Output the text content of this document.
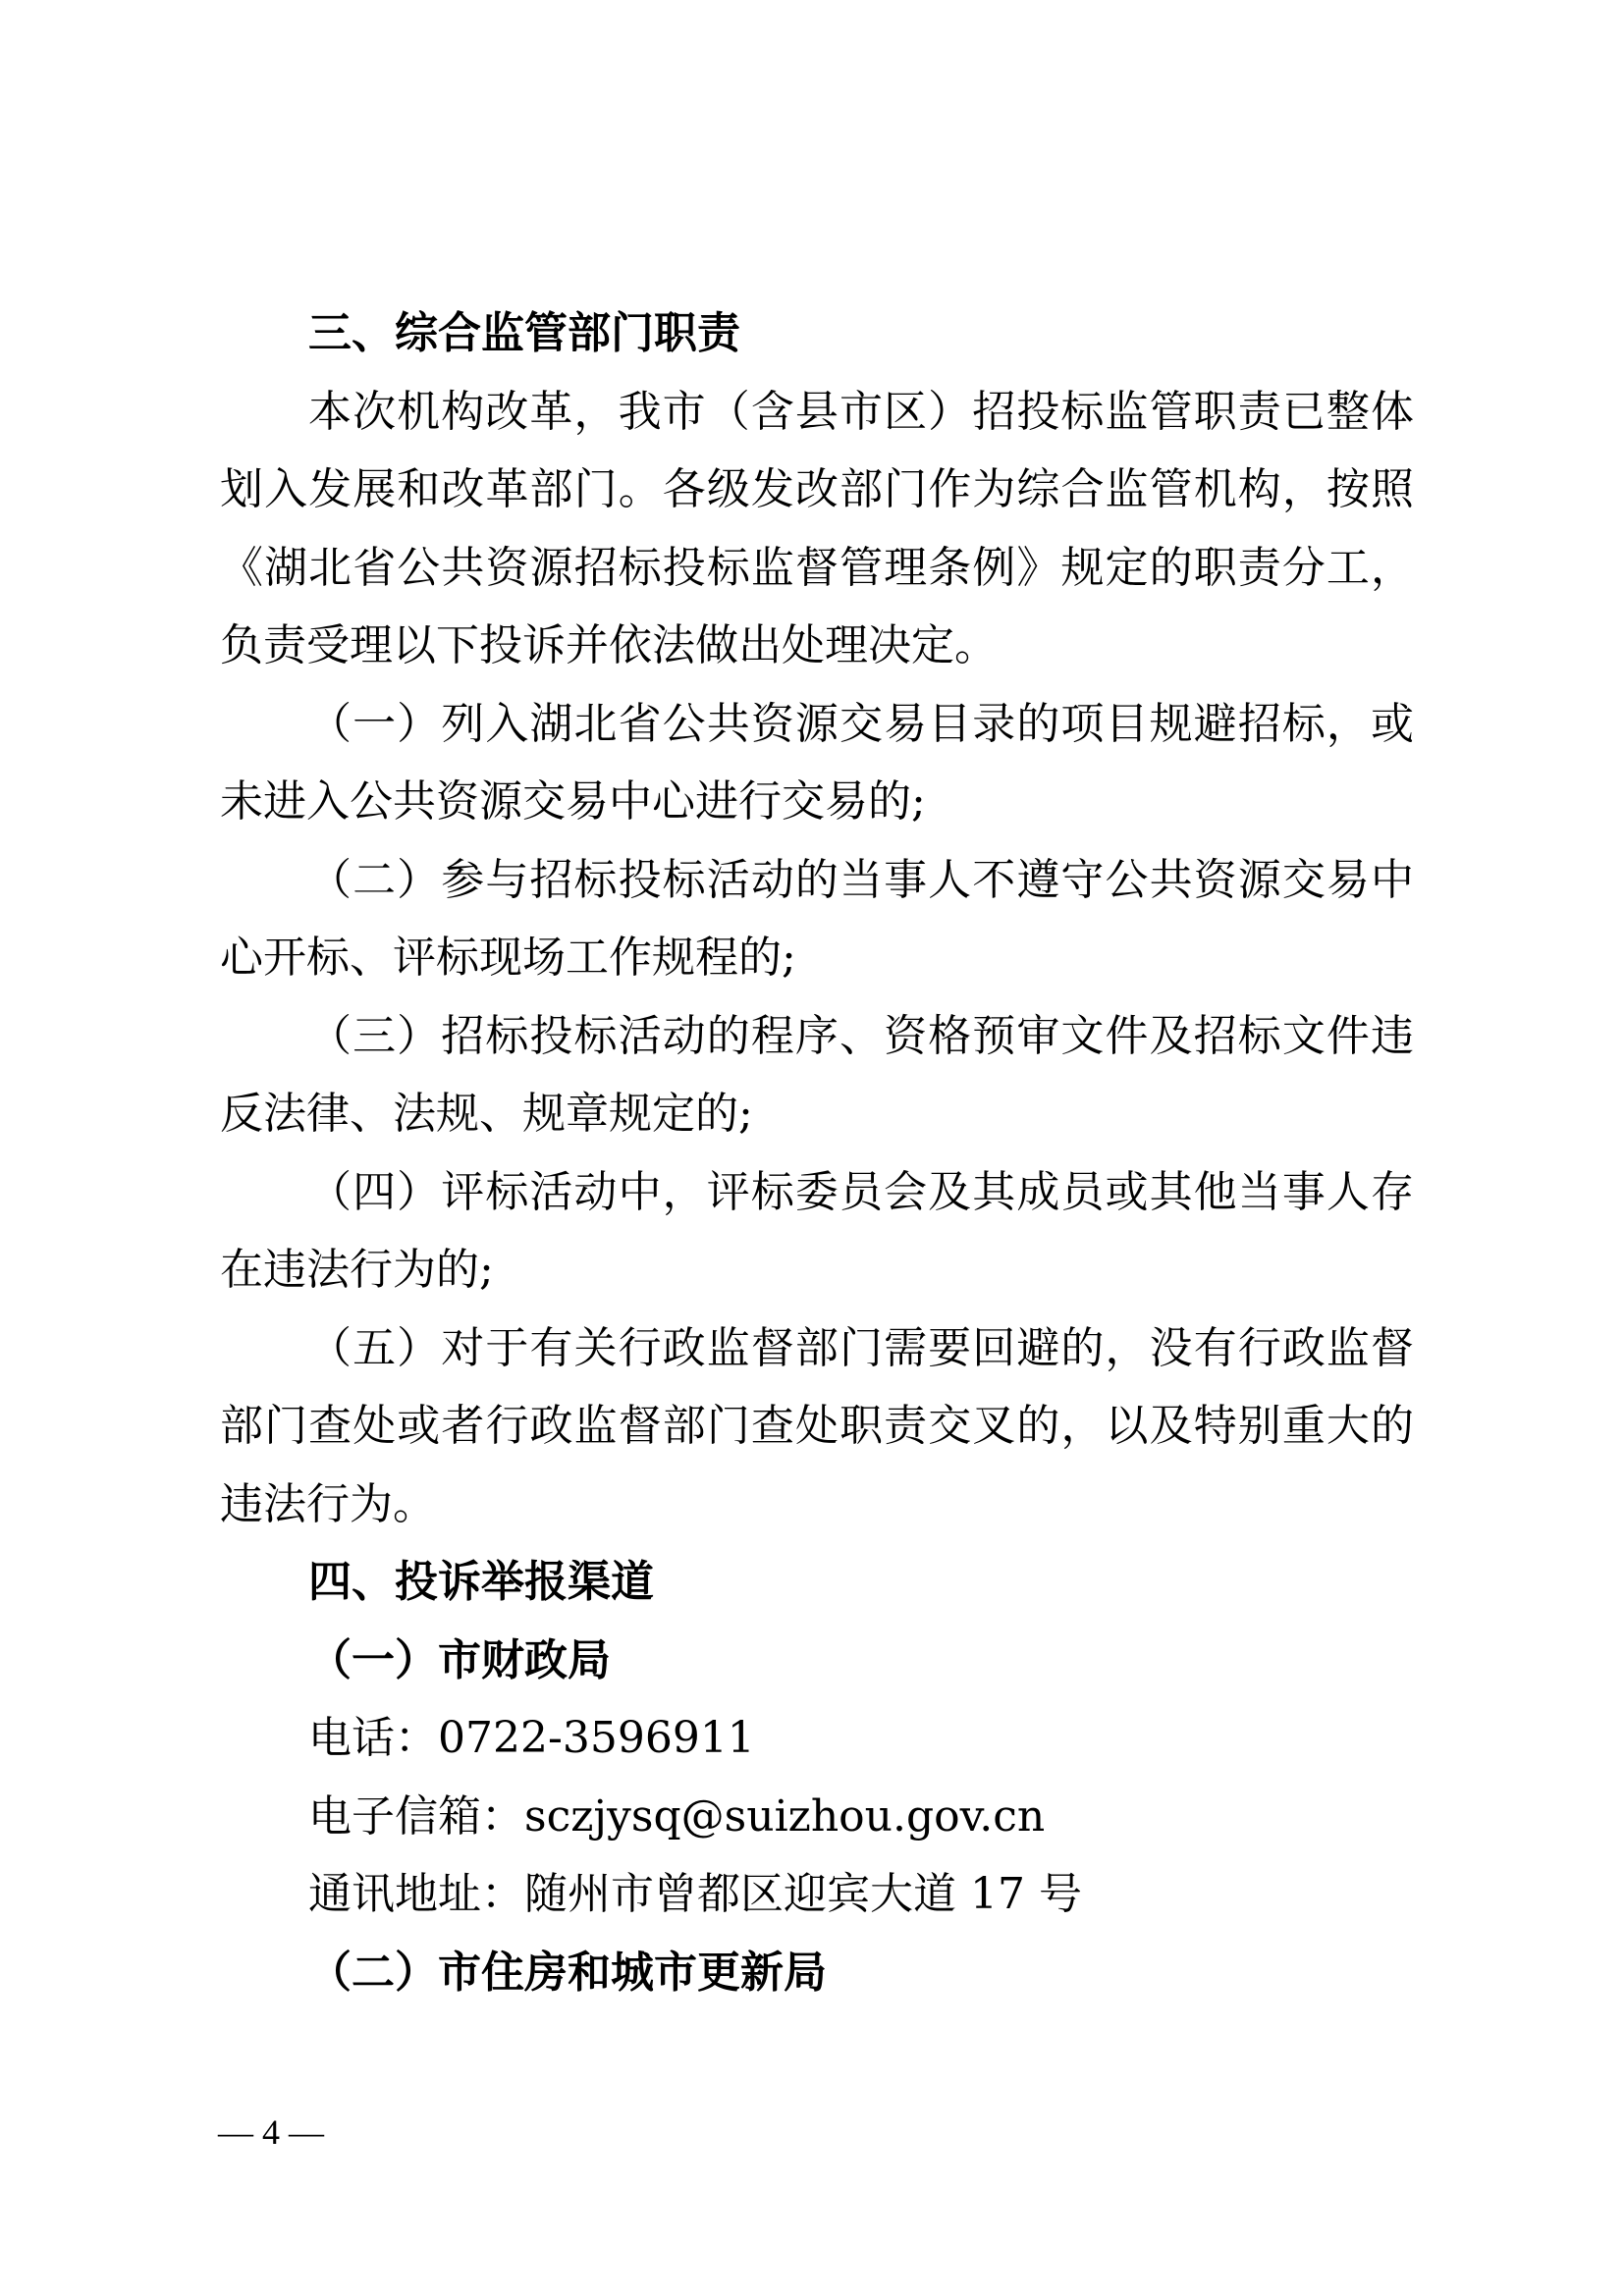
三、综合监管部门职责
本次机构改革，我市（含县市区）招投标监管职责已整体
划入发展和改革部门。各级发改部门作为综合监管机构，按照
《湖北省公共资源招标投标监督管理条例》规定的职责分工，
负责受理以下投诉并依法做出处理决定。
（一）列入湖北省公共资源交易目录的项目规避招标，或
未进入公共资源交易中心进行交易的;
（二）参与招标投标活动的当事人不遵守公共资源交易中
心开标、评标现场工作规程的;
（三）招标投标活动的程序、资格预审文件及招标文件违
反法律、法规、规章规定的;
（四）评标活动中，评标委员会及其成员或其他当事人存
在违法行为的;
（五）对于有关行政监督部门需要回避的，没有行政监督
部门查处或者行政监督部门查处职责交叉的，以及特别重大的
违法行为。
四、投诉举报渠道
（一）市财政局
电话：0722-3596911
电子信箱：sczjysq@suizhou.gov.cn
通讯地址：随州市曾都区迎宾大道 17 号
（二）市住房和城市更新局
— 4 —
